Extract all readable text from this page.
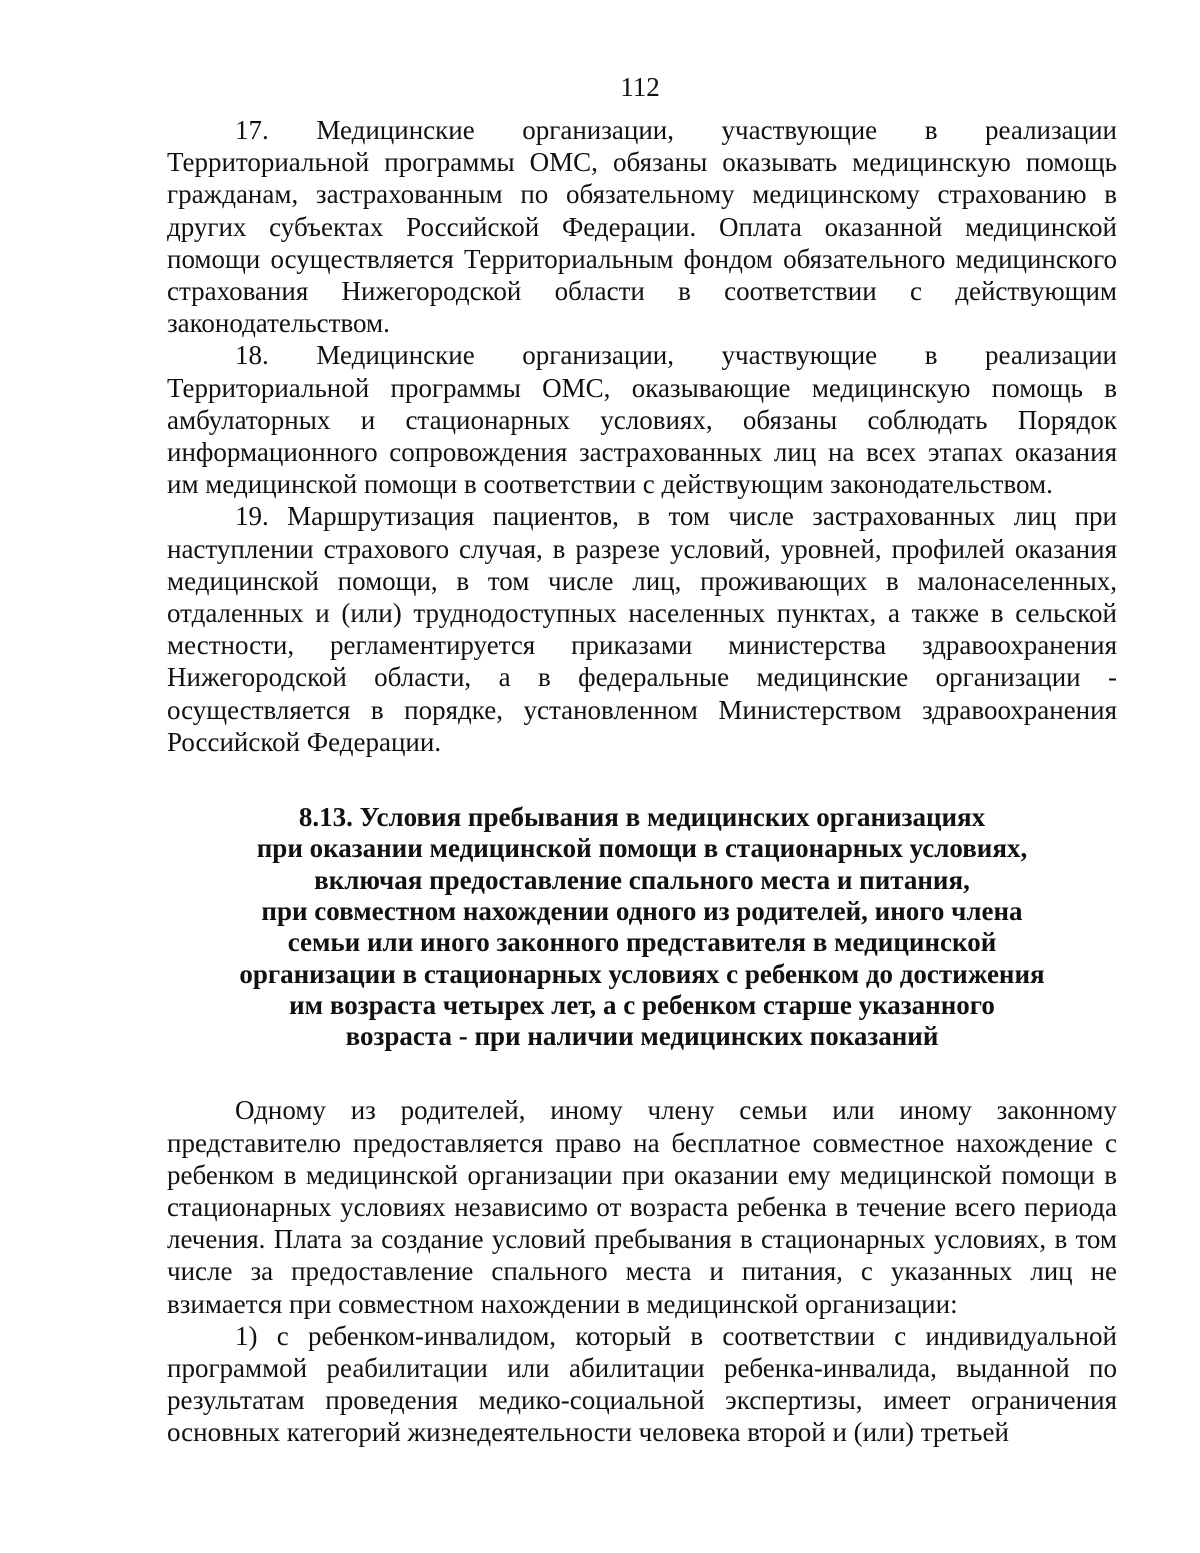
112

17. Медицинские организации, участвующие в реализации Территориальной программы ОМС, обязаны оказывать медицинскую помощь гражданам, застрахованным по обязательному медицинскому страхованию в других субъектах Российской Федерации. Оплата оказанной медицинской помощи осуществляется Территориальным фондом обязательного медицинского страхования Нижегородской области в соответствии с действующим законодательством.

18. Медицинские организации, участвующие в реализации Территориальной программы ОМС, оказывающие медицинскую помощь в амбулаторных и стационарных условиях, обязаны соблюдать Порядок информационного сопровождения застрахованных лиц на всех этапах оказания им медицинской помощи в соответствии с действующим законодательством.

19. Маршрутизация пациентов, в том числе застрахованных лиц при наступлении страхового случая, в разрезе условий, уровней, профилей оказания медицинской помощи, в том числе лиц, проживающих в малонаселенных, отдаленных и (или) труднодоступных населенных пунктах, а также в сельской местности, регламентируется приказами министерства здравоохранения Нижегородской области, а в федеральные медицинские организации - осуществляется в порядке, установленном Министерством здравоохранения Российской Федерации.

8.13. Условия пребывания в медицинских организациях
при оказании медицинской помощи в стационарных условиях,
включая предоставление спального места и питания,
при совместном нахождении одного из родителей, иного члена
семьи или иного законного представителя в медицинской
организации в стационарных условиях с ребенком до достижения
им возраста четырех лет, а с ребенком старше указанного
возраста - при наличии медицинских показаний

Одному из родителей, иному члену семьи или иному законному представителю предоставляется право на бесплатное совместное нахождение с ребенком в медицинской организации при оказании ему медицинской помощи в стационарных условиях независимо от возраста ребенка в течение всего периода лечения. Плата за создание условий пребывания в стационарных условиях, в том числе за предоставление спального места и питания, с указанных лиц не взимается при совместном нахождении в медицинской организации:

1) с ребенком-инвалидом, который в соответствии с индивидуальной программой реабилитации или абилитации ребенка-инвалида, выданной по результатам проведения медико-социальной экспертизы, имеет ограничения основных категорий жизнедеятельности человека второй и (или) третьей
